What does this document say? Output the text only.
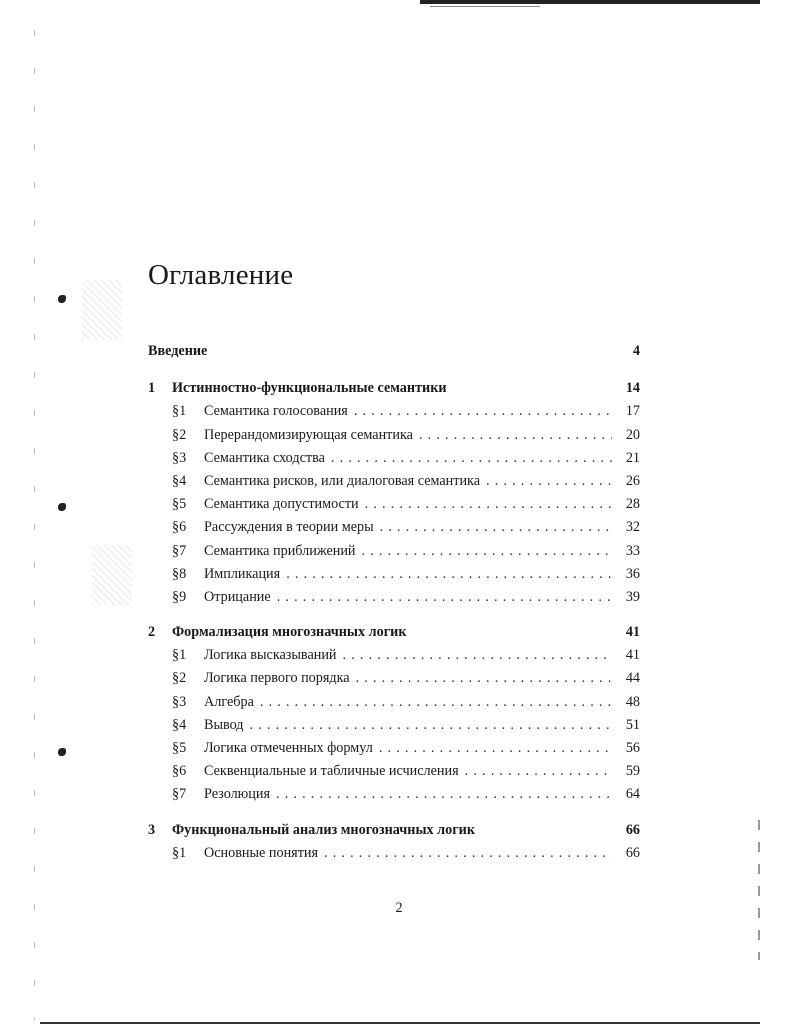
Оглавление
Введение	4
1	Истинностно-функциональные семантики	14
§1	Семантика голосования . . .	17
§2	Перерандомизирующая семантика . . .	20
§3	Семантика сходства . . .	21
§4	Семантика рисков, или диалоговая семантика . . .	26
§5	Семантика допустимости . . .	28
§6	Рассуждения в теории меры . . .	32
§7	Семантика приближений . . .	33
§8	Импликация . . .	36
§9	Отрицание . . .	39
2	Формализация многозначных логик	41
§1	Логика высказываний . . .	41
§2	Логика первого порядка . . .	44
§3	Алгебра . . .	48
§4	Вывод . . .	51
§5	Логика отмеченных формул . . .	56
§6	Секвенциальные и табличные исчисления . . .	59
§7	Резолюция . . .	64
3	Функциональный анализ многозначных логик	66
§1	Основные понятия . . .	66
2
